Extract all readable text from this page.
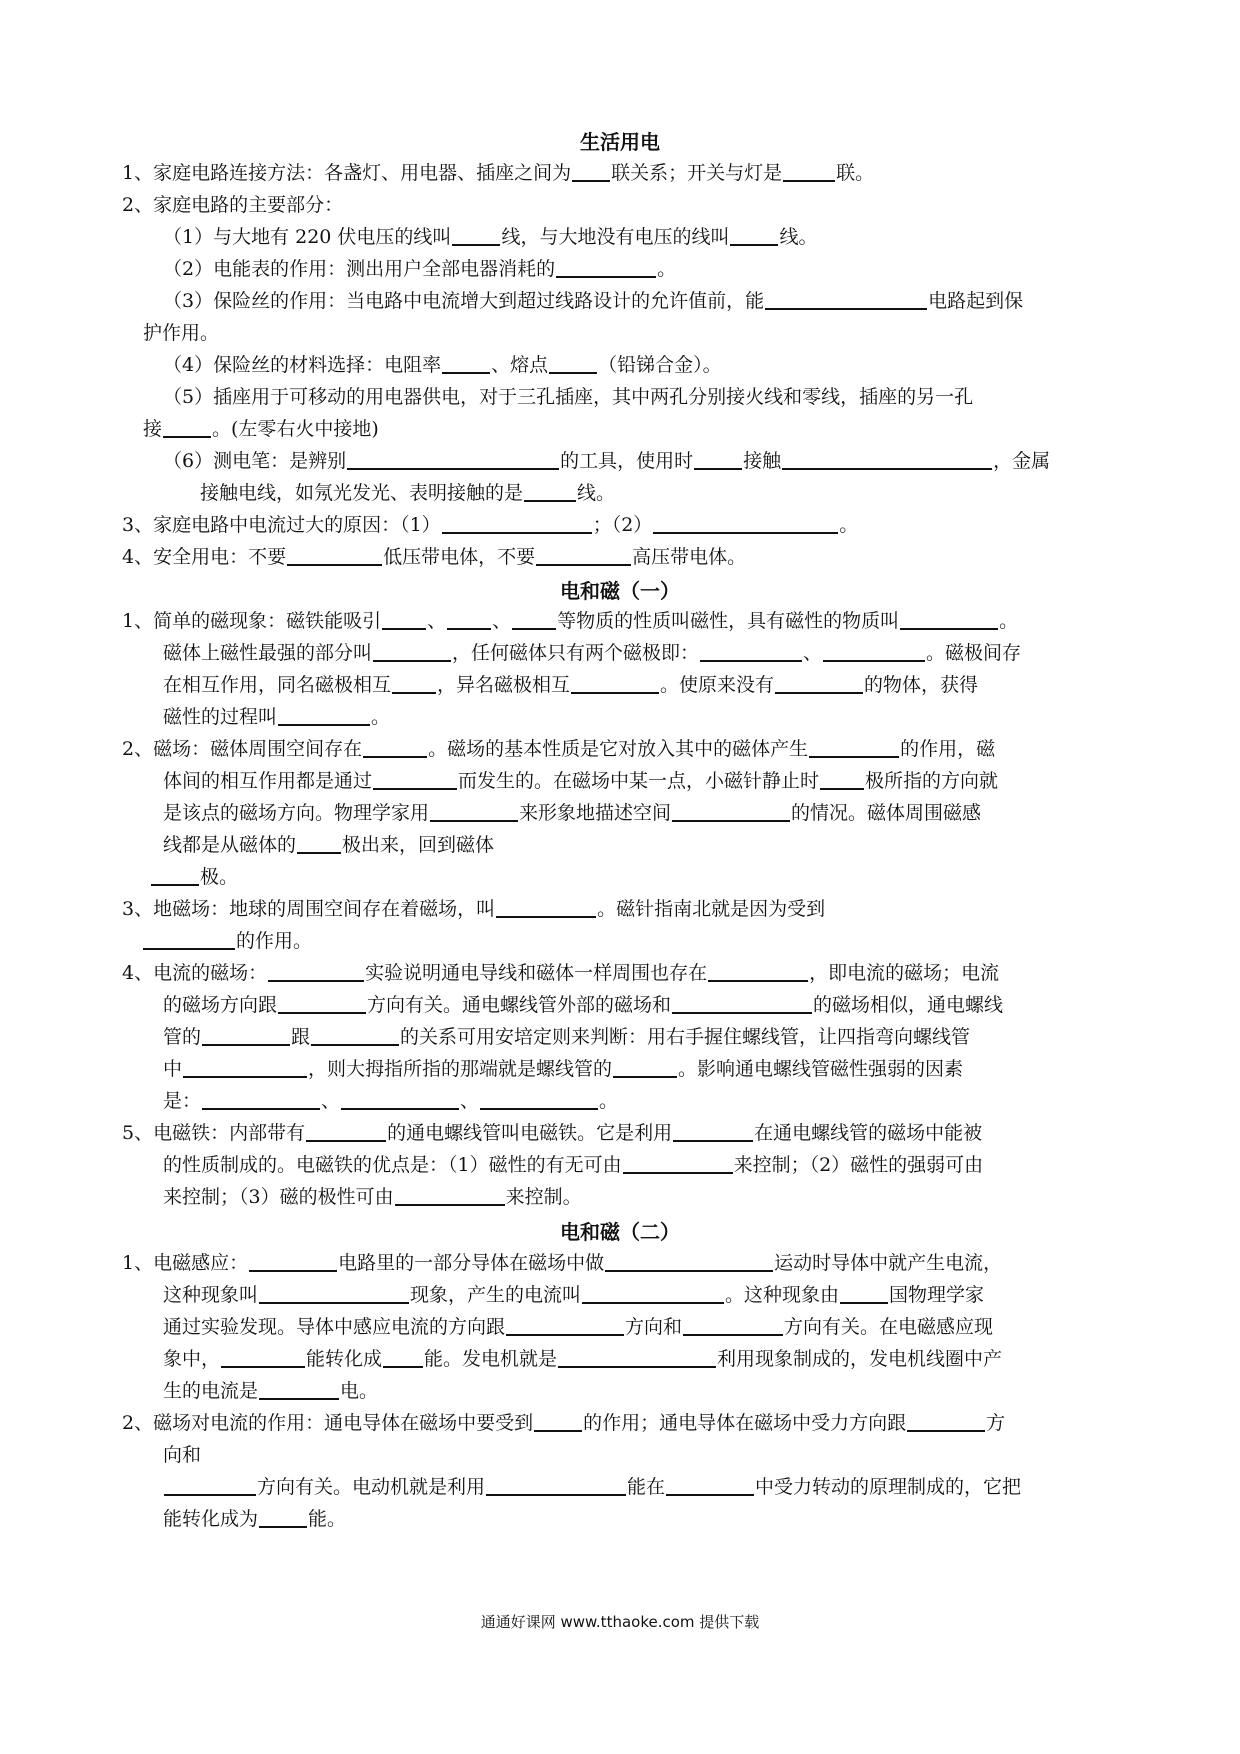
生活用电
1、家庭电路连接方法：各盏灯、用电器、插座之间为 联关系；开关与灯是	联。
2、家庭电路的主要部分：
（1）与大地有 220 伏电压的线叫	线，与大地没有电压的线叫	线。
（2）电能表的作用：测出用户全部电器消耗的	。
（3）保险丝的作用：当电路中电流增大到超过线路设计的允许值前，能	电路起到保
护作用。
（4）保险丝的材料选择：电阻率	、熔点	（铅锑合金）。
（5）插座用于可移动的用电器供电，对于三孔插座，其中两孔分别接火线和零线，插座的另一孔
接	。(左零右火中接地)
（6）测电笔：是辨别	的工具，使用时	接触	，金属
接触电线，如氖光发光、表明接触的是	线。
3、家庭电路中电流过大的原因：（1）	；（2）	。
4、安全用电：不要	低压带电体，不要	高压带电体。
电和磁（一）
1、简单的磁现象：磁铁能吸引 、 、 等物质的性质叫磁性，具有磁性的物质叫	。
磁体上磁性最强的部分叫	，任何磁体只有两个磁极即：	、	。磁极间存
在相互作用，同名磁极相互 ，异名磁极相互	。使原来没有	的物体，获得
磁性的过程叫	。
2、磁场：磁体周围空间存在	。磁场的基本性质是它对放入其中的磁体产生	的作用，磁
体间的相互作用都是通过	而发生的。在磁场中某一点，小磁针静止时 极所指的方向就
是该点的磁场方向。物理学家用	来形象地描述空间	的情况。磁体周围磁感
线都是从磁体的 极出来，回到磁体
极。
3、地磁场：地球的周围空间存在着磁场，叫	。磁针指南北就是因为受到
的作用。
4、电流的磁场：	实验说明通电导线和磁体一样周围也存在	，即电流的磁场；电流
的磁场方向跟	方向有关。通电螺线管外部的磁场和	的磁场相似，通电螺线
管的	跟	的关系可用安培定则来判断：用右手握住螺线管，让四指弯向螺线管
中	，则大拇指所指的那端就是螺线管的	。影响通电螺线管磁性强弱的因素
是：	、	、	。
5、电磁铁：内部带有	的通电螺线管叫电磁铁。它是利用	在通电螺线管的磁场中能被
的性质制成的。电磁铁的优点是：（1）磁性的有无可由	来控制；（2）磁性的强弱可由
来控制；（3）磁的极性可由	来控制。
电和磁（二）
1、电磁感应：	电路里的一部分导体在磁场中做	运动时导体中就产生电流，
这种现象叫	现象，产生的电流叫	。这种现象由	国物理学家
通过实验发现。导体中感应电流的方向跟	方向和	方向有关。在电磁感应现
象中，	能转化成 能。发电机就是	利用现象制成的，发电机线圈中产
生的电流是	电。
2、磁场对电流的作用：通电导体在磁场中要受到	的作用；通电导体在磁场中受力方向跟	方
向和
方向有关。电动机就是利用	能在	中受力转动的原理制成的，它把
能转化成为	能。
通通好课网 www.tthaoke.com 提供下载
